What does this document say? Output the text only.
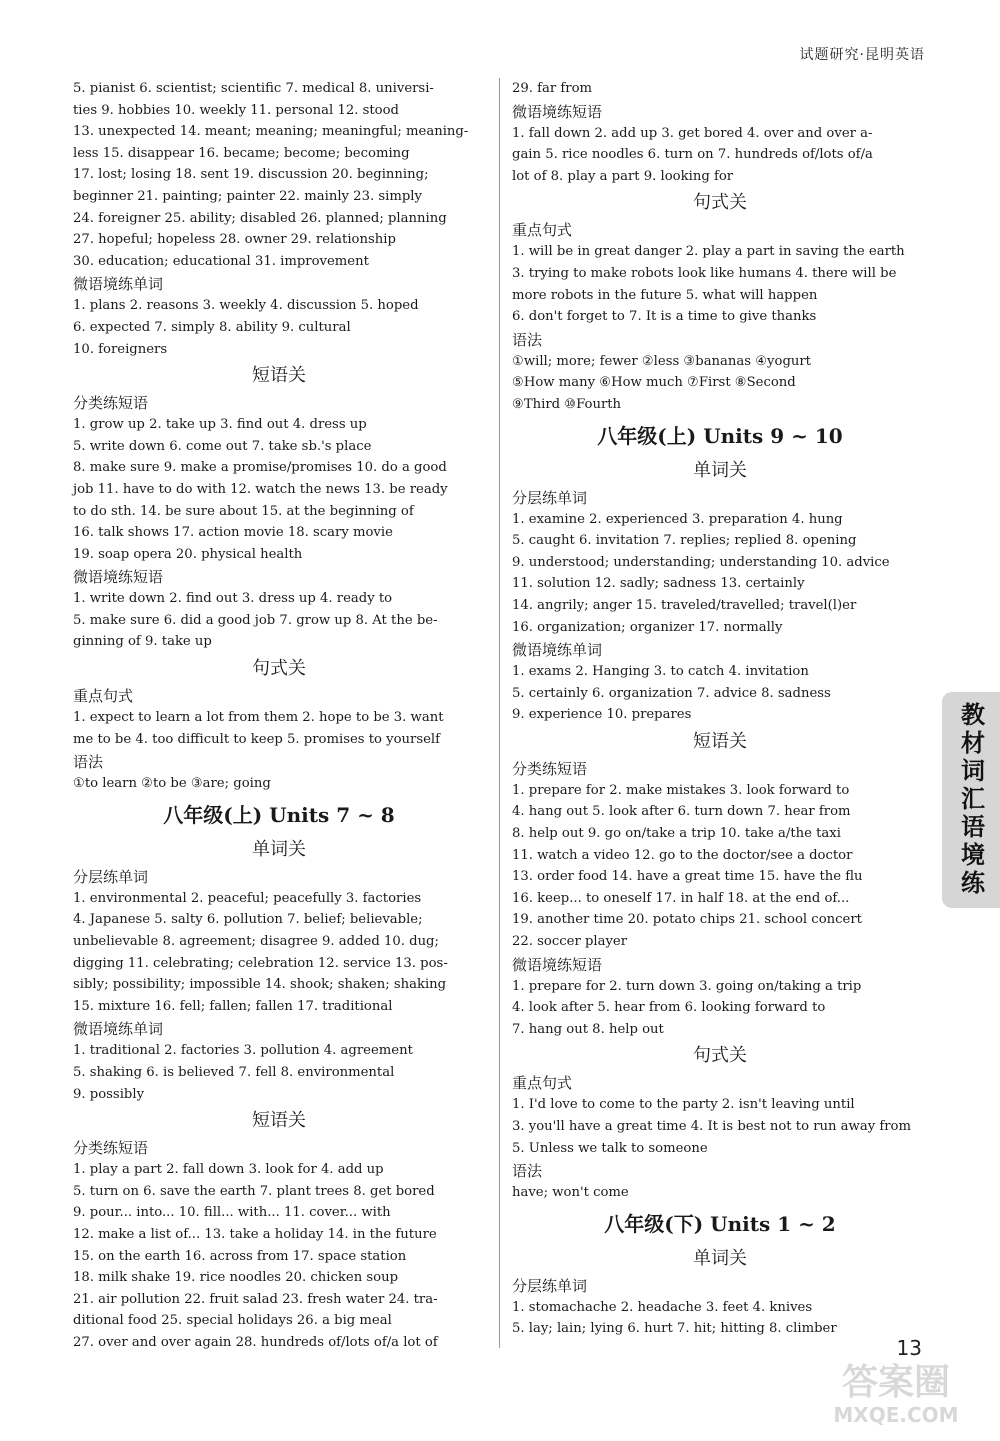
试题研究·昆明英语
5. pianist 6. scientist; scientific 7. medical 8. universi-
ties 9. hobbies 10. weekly 11. personal 12. stood
13. unexpected 14. meant; meaning; meaningful; meaning-
less 15. disappear 16. became; become; becoming
17. lost; losing 18. sent 19. discussion 20. beginning;
beginner 21. painting; painter 22. mainly 23. simply
24. foreigner 25. ability; disabled 26. planned; planning
27. hopeful; hopeless 28. owner 29. relationship
30. education; educational 31. improvement
微语境练单词
1. plans 2. reasons 3. weekly 4. discussion 5. hoped
6. expected 7. simply 8. ability 9. cultural
10. foreigners
短语关
分类练短语
1. grow up 2. take up 3. find out 4. dress up
5. write down 6. come out 7. take sb.'s place
8. make sure 9. make a promise/promises 10. do a good
job 11. have to do with 12. watch the news 13. be ready
to do sth. 14. be sure about 15. at the beginning of
16. talk shows 17. action movie 18. scary movie
19. soap opera 20. physical health
微语境练短语
1. write down 2. find out 3. dress up 4. ready to
5. make sure 6. did a good job 7. grow up 8. At the be-
ginning of 9. take up
句式关
重点句式
1. expect to learn a lot from them 2. hope to be 3. want
me to be 4. too difficult to keep 5. promises to yourself
语法
①to learn ②to be ③are; going
八年级(上) Units 7 ~ 8
单词关
分层练单词
1. environmental 2. peaceful; peacefully 3. factories
4. Japanese 5. salty 6. pollution 7. belief; believable;
unbelievable 8. agreement; disagree 9. added 10. dug;
digging 11. celebrating; celebration 12. service 13. pos-
sibly; possibility; impossible 14. shook; shaken; shaking
15. mixture 16. fell; fallen; fallen 17. traditional
微语境练单词
1. traditional 2. factories 3. pollution 4. agreement
5. shaking 6. is believed 7. fell 8. environmental
9. possibly
短语关
分类练短语
1. play a part 2. fall down 3. look for 4. add up
5. turn on 6. save the earth 7. plant trees 8. get bored
9. pour... into... 10. fill... with... 11. cover... with
12. make a list of... 13. take a holiday 14. in the future
15. on the earth 16. across from 17. space station
18. milk shake 19. rice noodles 20. chicken soup
21. air pollution 22. fruit salad 23. fresh water 24. tra-
ditional food 25. special holidays 26. a big meal
27. over and over again 28. hundreds of/lots of/a lot of
29. far from
微语境练短语
1. fall down 2. add up 3. get bored 4. over and over a-
gain 5. rice noodles 6. turn on 7. hundreds of/lots of/a
lot of 8. play a part 9. looking for
句式关
重点句式
1. will be in great danger 2. play a part in saving the earth
3. trying to make robots look like humans 4. there will be
more robots in the future 5. what will happen
6. don't forget to 7. It is a time to give thanks
语法
①will; more; fewer ②less ③bananas ④yogurt
⑤How many ⑥How much ⑦First ⑧Second
⑨Third ⑩Fourth
八年级(上) Units 9 ~ 10
单词关
分层练单词
1. examine 2. experienced 3. preparation 4. hung
5. caught 6. invitation 7. replies; replied 8. opening
9. understood; understanding; understanding 10. advice
11. solution 12. sadly; sadness 13. certainly
14. angrily; anger 15. traveled/travelled; travel(l)er
16. organization; organizer 17. normally
微语境练单词
1. exams 2. Hanging 3. to catch 4. invitation
5. certainly 6. organization 7. advice 8. sadness
9. experience 10. prepares
短语关
分类练短语
1. prepare for 2. make mistakes 3. look forward to
4. hang out 5. look after 6. turn down 7. hear from
8. help out 9. go on/take a trip 10. take a/the taxi
11. watch a video 12. go to the doctor/see a doctor
13. order food 14. have a great time 15. have the flu
16. keep... to oneself 17. in half 18. at the end of...
19. another time 20. potato chips 21. school concert
22. soccer player
微语境练短语
1. prepare for 2. turn down 3. going on/taking a trip
4. look after 5. hear from 6. looking forward to
7. hang out 8. help out
句式关
重点句式
1. I'd love to come to the party 2. isn't leaving until
3. you'll have a great time 4. It is best not to run away from
5. Unless we talk to someone
语法
have; won't come
八年级(下) Units 1 ~ 2
单词关
分层练单词
1. stomachache 2. headache 3. feet 4. knives
5. lay; lain; lying 6. hurt 7. hit; hitting 8. climber
教材词汇语境练
13
答案圈
MXQE.COM
